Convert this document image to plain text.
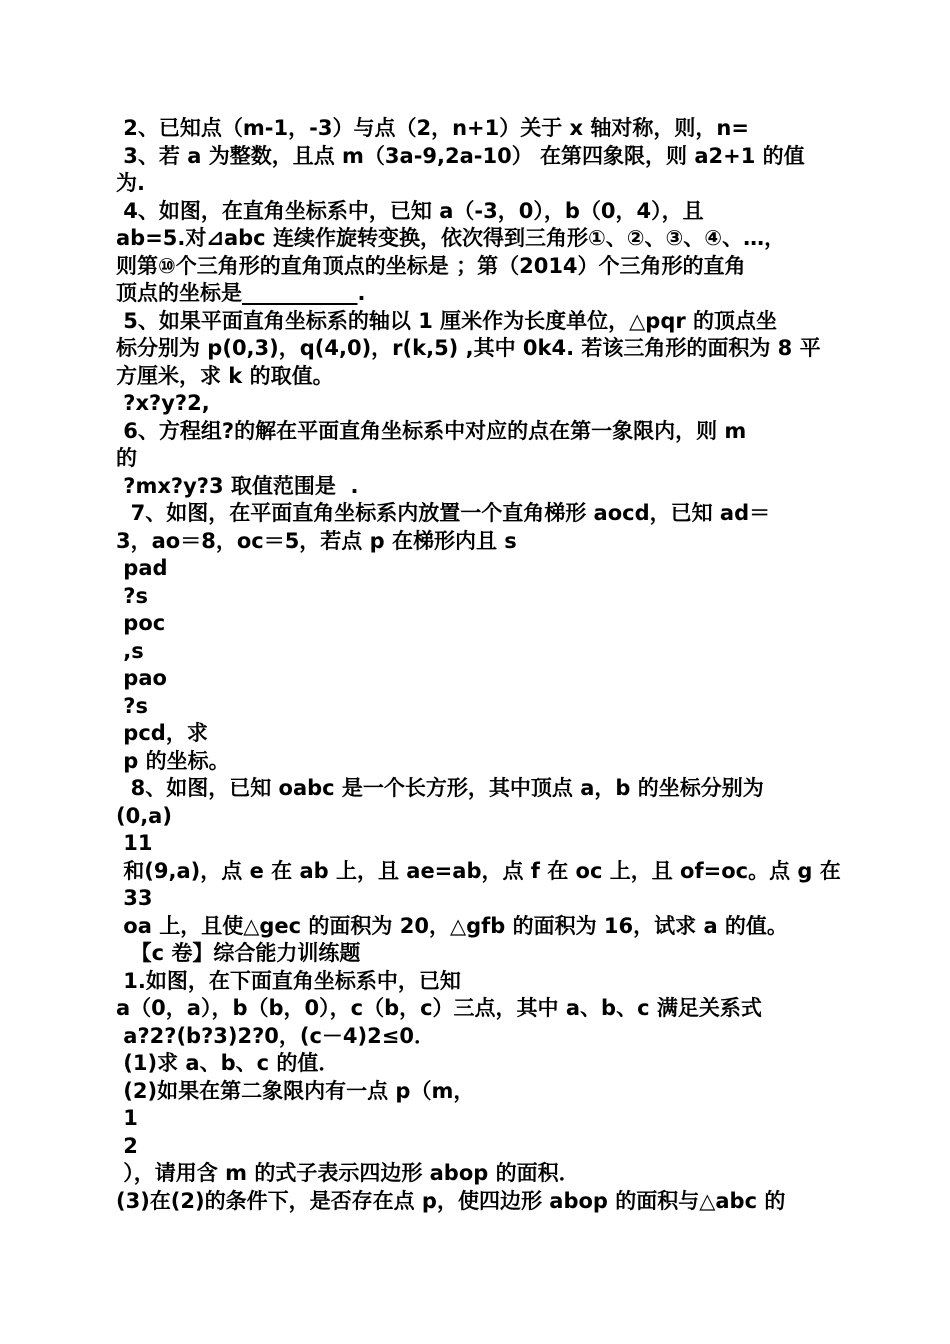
2、已知点（m-1，-3）与点（2，n+1）关于 x 轴对称，则，n=
3、若 a 为整数，且点 m（3a-9,2a-10） 在第四象限，则 a2+1 的值
为.
4、如图，在直角坐标系中，已知 a（-3，0），b（0，4），且
ab=5.对⊿abc 连续作旋转变换，依次得到三角形①、②、③、④、…，
则第⑩个三角形的直角顶点的坐标是 ；第（2014）个三角形的直角
顶点的坐标是___________.
5、如果平面直角坐标系的轴以 1 厘米作为长度单位，△pqr 的顶点坐
标分别为 p(0,3)，q(4,0)，r(k,5) ,其中 0k4. 若该三角形的面积为 8 平
方厘米，求 k 的取值。
?x?y?2,
6、方程组?的解在平面直角坐标系中对应的点在第一象限内，则 m
的
?mx?y?3 取值范围是  .
7、如图，在平面直角坐标系内放置一个直角梯形 aocd，已知 ad＝
3，ao＝8，oc＝5，若点 p 在梯形内且 s
pad
?s
poc
,s
pao
?s
pcd，求
p 的坐标。
8、如图，已知 oabc 是一个长方形，其中顶点 a，b 的坐标分别为
(0,a)
11
和(9,a)，点 e 在 ab 上，且 ae=ab，点 f 在 oc 上，且 of=oc。点 g 在
33
oa 上，且使△gec 的面积为 20，△gfb 的面积为 16，试求 a 的值。
【c 卷】综合能力训练题
1.如图，在下面直角坐标系中，已知
a（0，a），b（b，0），c（b，c）三点，其中 a、b、c 满足关系式
a?2?(b?3)2?0，(c－4)2≤0．
(1)求 a、b、c 的值．
(2)如果在第二象限内有一点 p（m，
1
2
），请用含 m 的式子表示四边形 abop 的面积．
(3)在(2)的条件下，是否存在点 p，使四边形 abop 的面积与△abc 的
